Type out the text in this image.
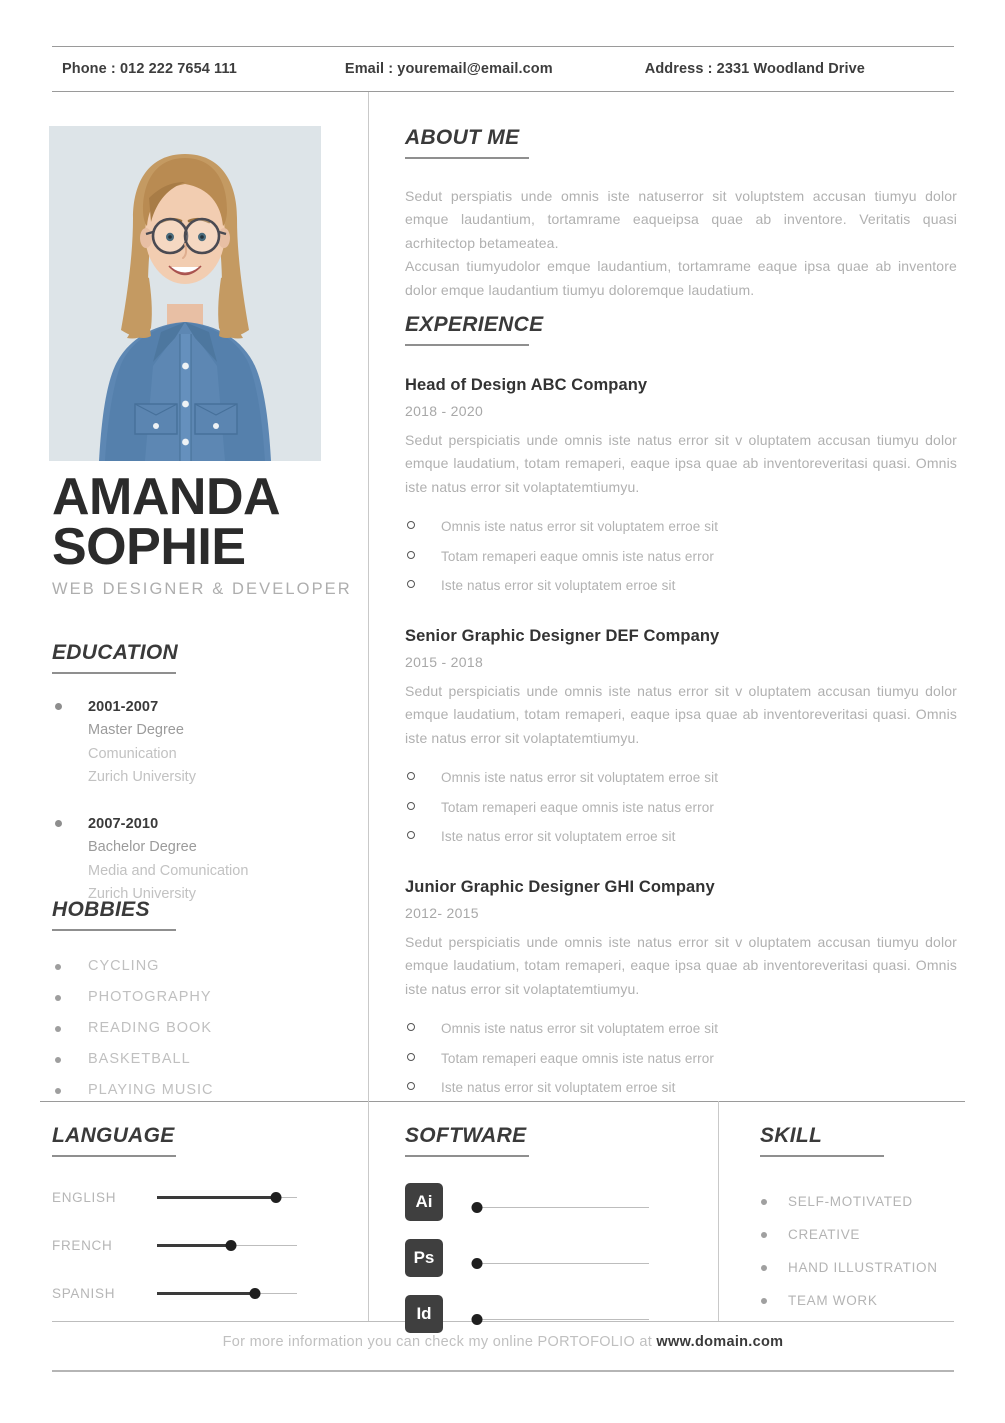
Phone : 012 222 7654 111	Email : youremail@email.com	Address : 2331 Woodland Drive
AMANDA
SOPHIE
WEB DESIGNER & DEVELOPER
EDUCATION
2001-2007
Master Degree
Comunication
Zurich University
2007-2010
Bachelor Degree
Media and Comunication
Zurich University
HOBBIES
CYCLING
PHOTOGRAPHY
READING BOOK
BASKETBALL
PLAYING MUSIC
ABOUT ME

Sedut perspiatis unde omnis iste natuserror sit voluptstem accusan tiumyu dolor emque laudantium, tortamrame eaqueipsa quae ab inventore. Veritatis quasi acrhitectop betameatea.

Accusan tiumyudolor emque laudantium, tortamrame eaque ipsa quae ab inventore dolor emque laudantium tiumyu doloremque laudatium.

EXPERIENCE
Head of Design ABC Company
2018 - 2020
Sedut perspiciatis unde omnis iste natus error sit v oluptatem accusan tiumyu dolor emque laudatium, totam remaperi, eaque ipsa quae ab inventoreveritasi quasi. Omnis iste natus error sit volaptatemtiumyu.
Omnis iste natus error sit voluptatem erroe sit
Totam remaperi eaque omnis iste natus error
Iste natus error sit voluptatem erroe sit
Senior Graphic Designer DEF Company
2015 - 2018
Sedut perspiciatis unde omnis iste natus error sit v oluptatem accusan tiumyu dolor emque laudatium, totam remaperi, eaque ipsa quae ab inventoreveritasi quasi. Omnis iste natus error sit volaptatemtiumyu.
Omnis iste natus error sit voluptatem erroe sit
Totam remaperi eaque omnis iste natus error
Iste natus error sit voluptatem erroe sit
Junior Graphic Designer GHI Company
2012- 2015
Sedut perspiciatis unde omnis iste natus error sit v oluptatem accusan tiumyu dolor emque laudatium, totam remaperi, eaque ipsa quae ab inventoreveritasi quasi. Omnis iste natus error sit volaptatemtiumyu.
Omnis iste natus error sit voluptatem erroe sit
Totam remaperi eaque omnis iste natus error
Iste natus error sit voluptatem erroe sit
LANGUAGE
ENGLISH
FRENCH
SPANISH
SOFTWARE
Ai
Ps
Id
SKILL
SELF-MOTIVATED
CREATIVE
HAND ILLUSTRATION
TEAM WORK
For more information you can check my online PORTOFOLIO at www.domain.com
